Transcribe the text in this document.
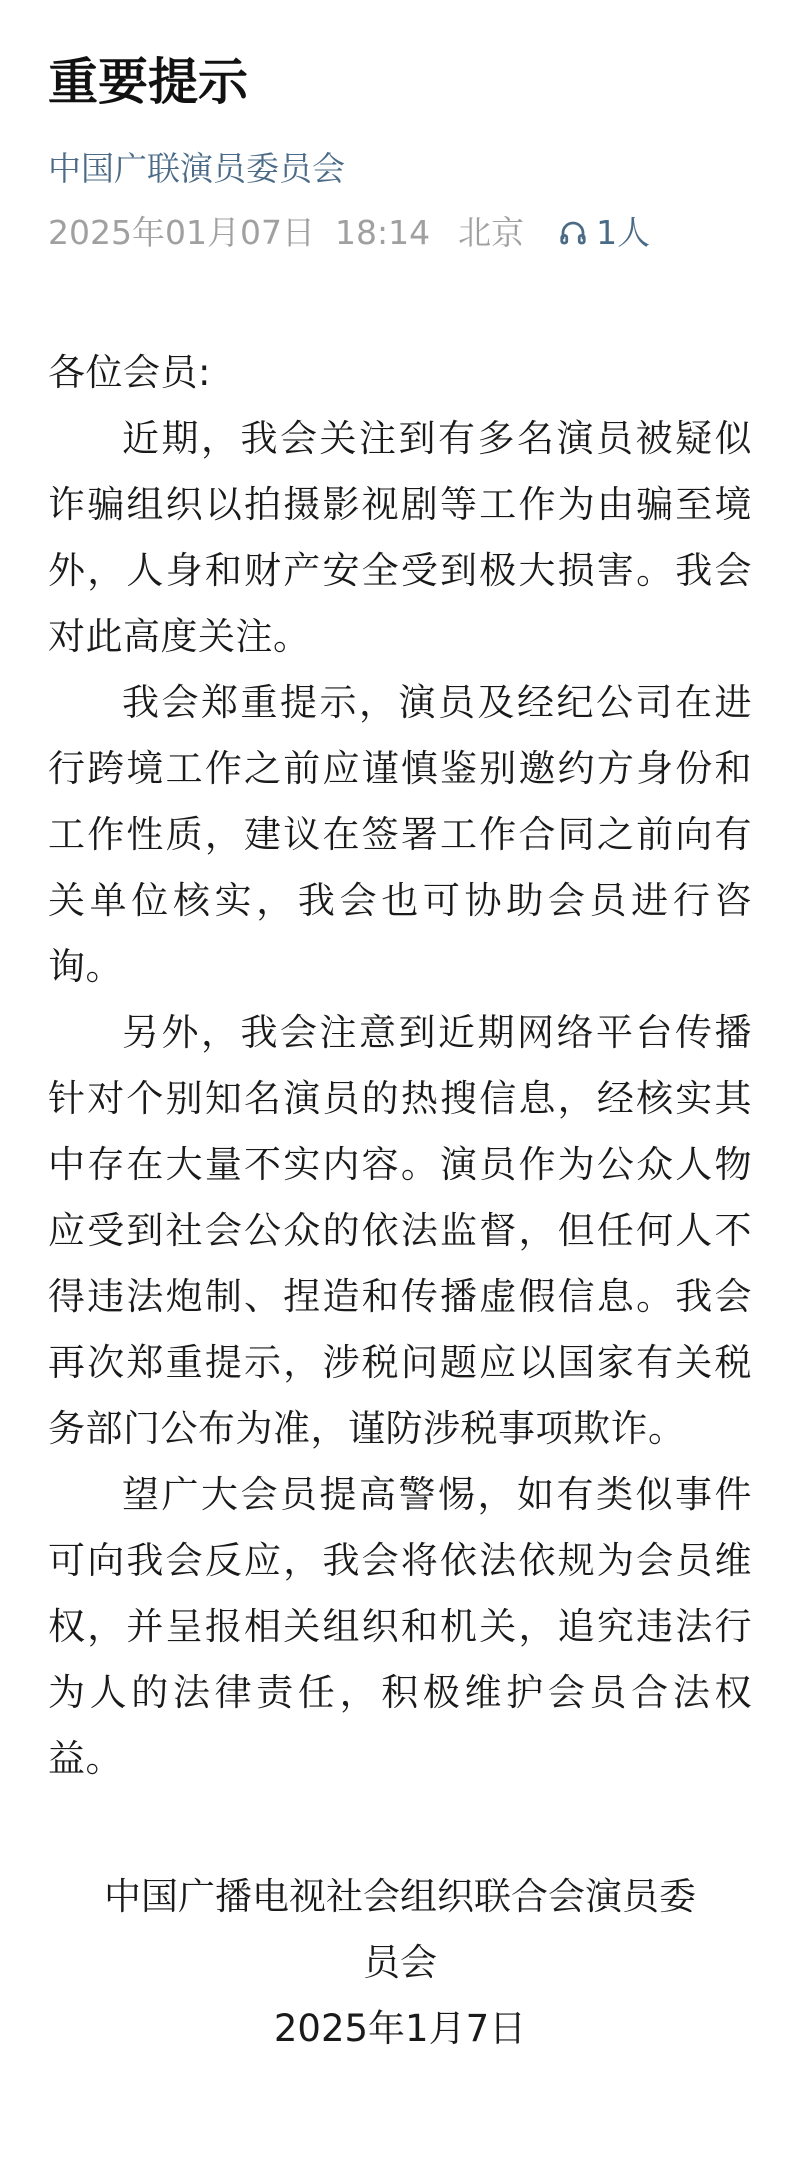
重要提示
中国广联演员委员会
2025年01月07日 18:14 北京 1人

各位会员:

近期，我会关注到有多名演员被疑似诈骗组织以拍摄影视剧等工作为由骗至境外，人身和财产安全受到极大损害。我会对此高度关注。

我会郑重提示，演员及经纪公司在进行跨境工作之前应谨慎鉴别邀约方身份和工作性质，建议在签署工作合同之前向有关单位核实，我会也可协助会员进行咨询。

另外，我会注意到近期网络平台传播针对个别知名演员的热搜信息，经核实其中存在大量不实内容。演员作为公众人物应受到社会公众的依法监督，但任何人不得违法炮制、捏造和传播虚假信息。我会再次郑重提示，涉税问题应以国家有关税务部门公布为准，谨防涉税事项欺诈。

望广大会员提高警惕，如有类似事件可向我会反应，我会将依法依规为会员维权，并呈报相关组织和机关，追究违法行为人的法律责任，积极维护会员合法权益。

中国广播电视社会组织联合会演员委员会
2025年1月7日
